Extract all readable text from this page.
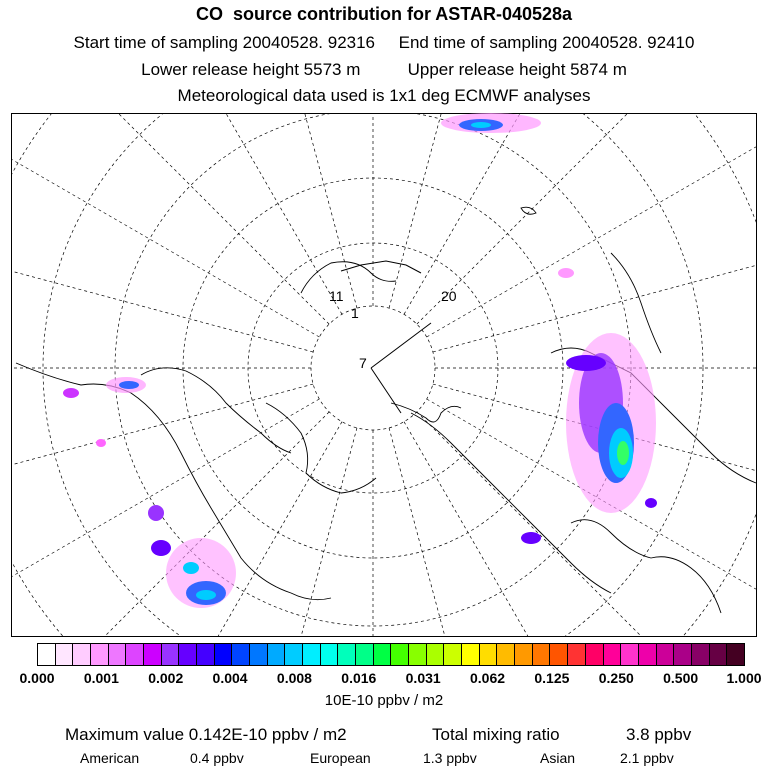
CO  source contribution for ASTAR-040528a
Start time of sampling 20040528. 92316     End time of sampling 20040528. 92410
Lower release height 5573 m          Upper release height 5874 m
Meteorological data used is 1x1 deg ECMWF analyses
11	20
1
7
0.000 0.001 0.002 0.004 0.008 0.016 0.031 0.062 0.125 0.250 0.500 1.000
10E-10 ppbv / m2
Maximum value 0.142E-10 ppbv / m2	Total mixing ratio	3.8 ppbv
American	0.4 ppbv	European	1.3 ppbv	Asian	2.1 ppbv
